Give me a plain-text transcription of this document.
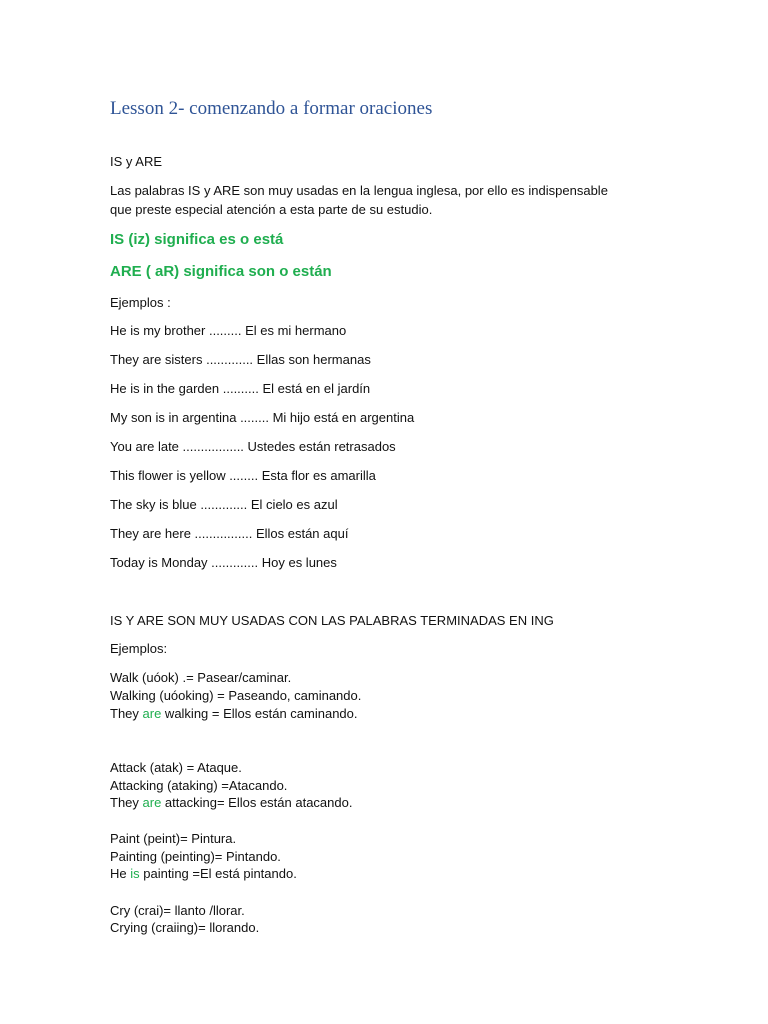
Lesson 2- comenzando a formar oraciones

IS y ARE

Las palabras IS y ARE son muy usadas en la lengua inglesa, por ello es indispensable
que preste especial atención a esta parte de su estudio.

IS (iz) significa es o está

ARE ( aR) significa son o están

Ejemplos :

He is my brother ......... El es mi hermano

They are sisters ............. Ellas son hermanas

He is in the garden .......... El está en el jardín

My son is in argentina ........ Mi hijo está en argentina

You are late ................. Ustedes están retrasados

This flower is yellow ........ Esta flor es amarilla

The sky is blue ............. El cielo es azul

They are here ................ Ellos están aquí

Today is Monday ............. Hoy es lunes

IS Y ARE SON MUY USADAS CON LAS PALABRAS TERMINADAS EN ING

Ejemplos:

Walk (uóok) .= Pasear/caminar.

Walking (uóoking) = Paseando, caminando.

They are walking = Ellos están caminando.

Attack (atak) = Ataque.

Attacking (ataking) =Atacando.

They are attacking= Ellos están atacando.

Paint (peint)= Pintura.

Painting (peinting)= Pintando.

He is painting =El está pintando.

Cry (crai)= llanto /llorar.

Crying (craiing)= llorando.
